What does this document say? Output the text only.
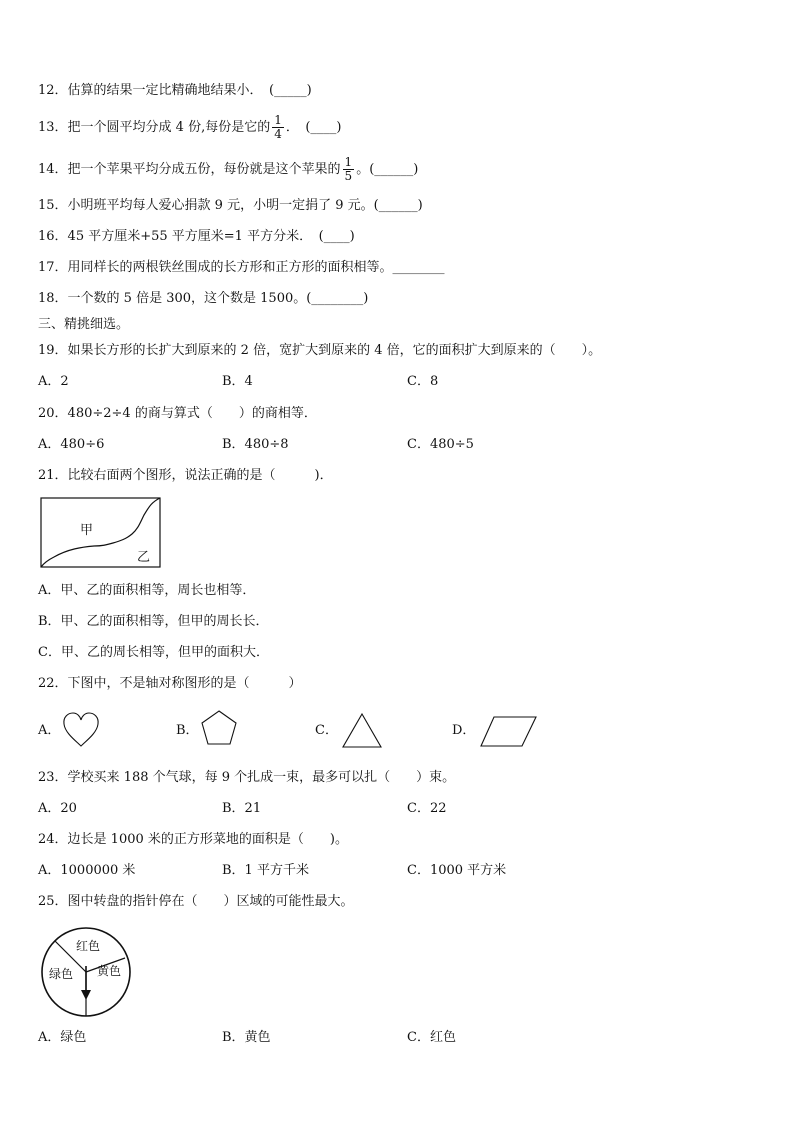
12．估算的结果一定比精确地结果小．　(_____)
13．把一个圆平均分成 4 份,每份是它的 $\frac{1}{4}$ ．　(____)
14．把一个苹果平均分成五份，每份就是这个苹果的 $\frac{1}{5}$ 。(______)
15．小明班平均每人爱心捐款 9 元，小明一定捐了 9 元。(______)
16．45 平方厘米+55 平方厘米=1 平方分米．　(____)
17．用同样长的两根铁丝围成的长方形和正方形的面积相等。________
18．一个数的 5 倍是 300，这个数是 1500。(________)
三、精挑细选。
19．如果长方形的长扩大到原来的 2 倍，宽扩大到原来的 4 倍，它的面积扩大到原来的（　　）。
A．2	B．4	C．8
20．480÷2÷4 的商与算式（　　）的商相等．
A．480÷6	B．480÷8	C．480÷5
21．比较右面两个图形，说法正确的是（　　　)．
甲
乙
A．甲、乙的面积相等，周长也相等．
B．甲、乙的面积相等，但甲的周长长．
C．甲、乙的周长相等，但甲的面积大．
22．下图中，不是轴对称图形的是（　　　）
A．	B．	C．	D．
23．学校买来 188 个气球，每 9 个扎成一束，最多可以扎（　　）束。
A．20	B．21	C．22
24．边长是 1000 米的正方形菜地的面积是（　　)。
A．1000000 米	B．1 平方千米	C．1000 平方米
25．图中转盘的指针停在（　　）区域的可能性最大。
红色
绿色 黄色
A．绿色	B．黄色	C．红色
